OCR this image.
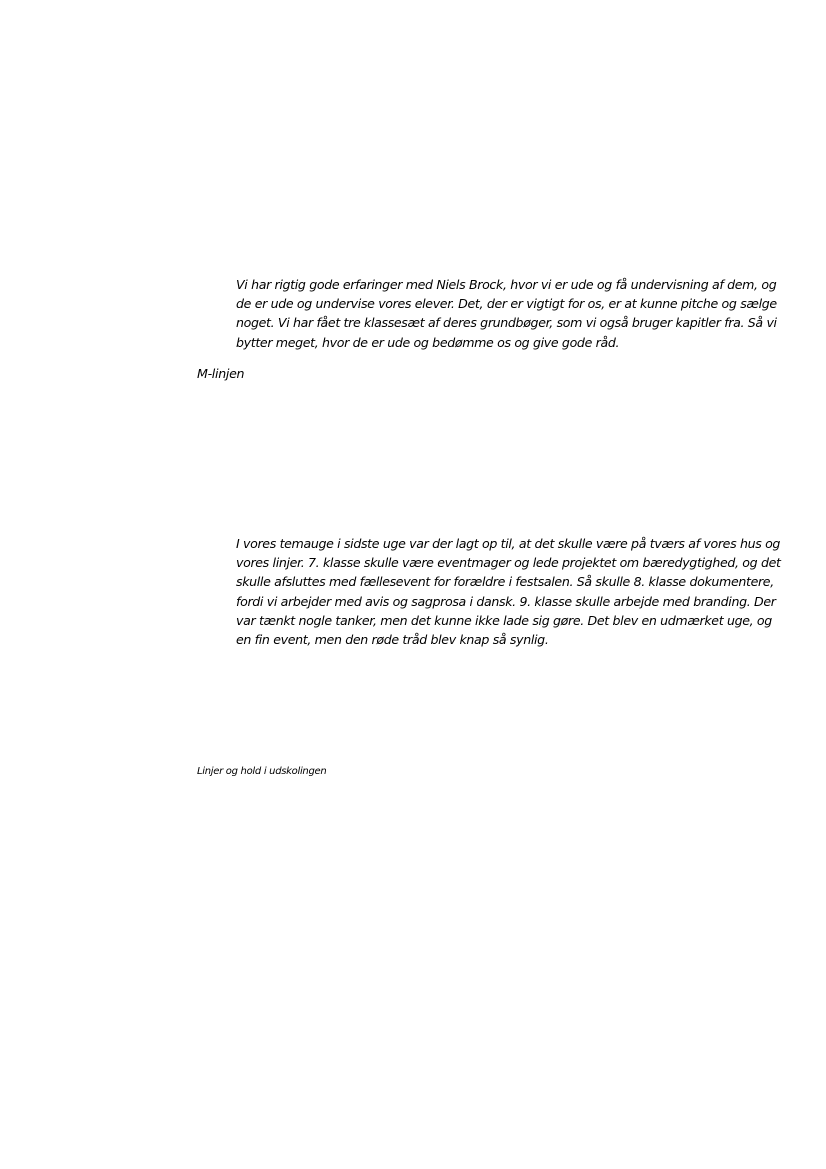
Vi har rigtig gode erfaringer med Niels Brock, hvor vi er ude og få undervisning af dem, og de er ude og undervise vores elever. Det, der er vigtigt for os, er at kunne pitche og sælge noget. Vi har fået tre klassesæt af deres grundbøger, som vi også bruger kapitler fra. Så vi bytter meget, hvor de er ude og bedømme os og give gode råd.

M-linjen

I vores temauge i sidste uge var der lagt op til, at det skulle være på tværs af vores hus og vores linjer. 7. klasse skulle være eventmager og lede projektet om bæredygtighed, og det skulle afsluttes med fællesevent for forældre i festsalen. Så skulle 8. klasse dokumentere, fordi vi arbejder med avis og sagprosa i dansk. 9. klasse skulle arbejde med branding. Der var tænkt nogle tanker, men det kunne ikke lade sig gøre. Det blev en udmærket uge, og en fin event, men den røde tråd blev knap så synlig.

Linjer og hold i udskolingen
